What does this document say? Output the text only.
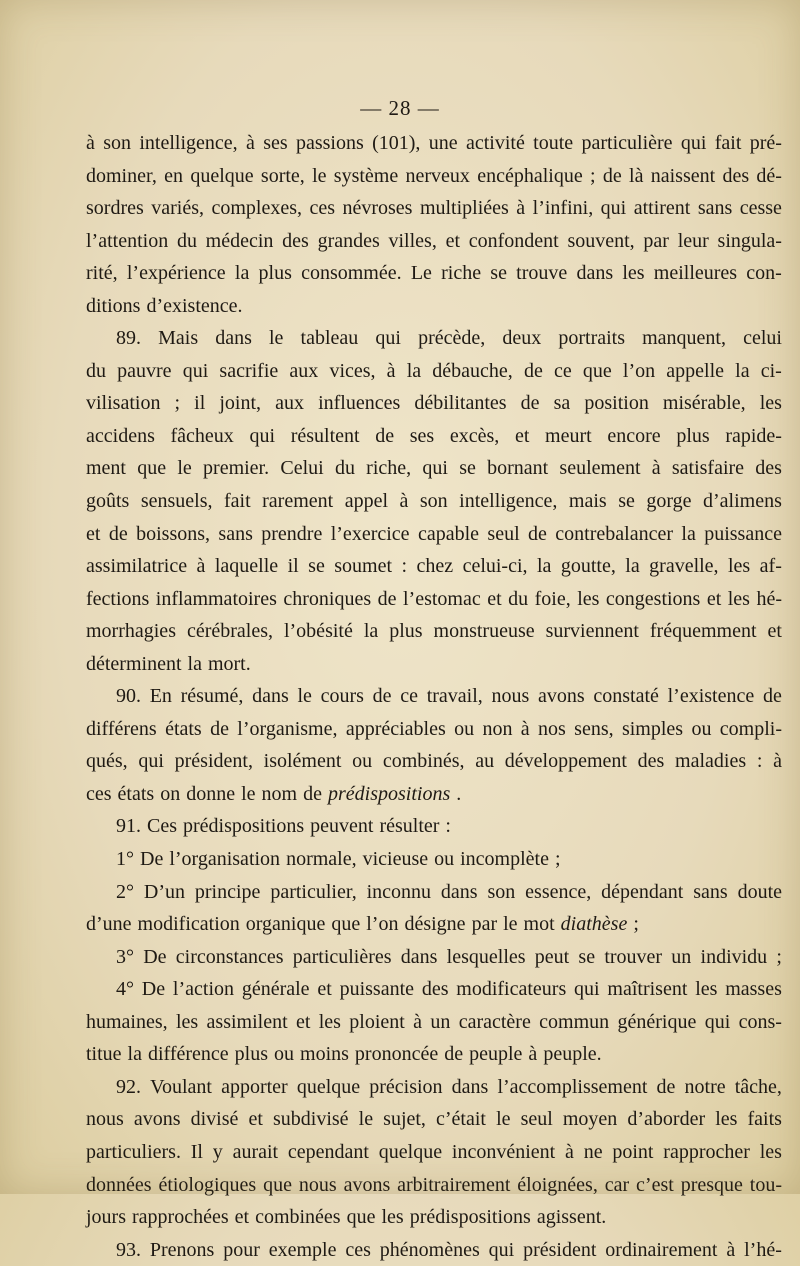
— 28 —
à son intelligence, à ses passions (101), une activité toute particulière qui fait pré-
dominer, en quelque sorte, le système nerveux encéphalique ; de là naissent des dé-
sordres variés, complexes, ces névroses multipliées à l’infini, qui attirent sans cesse
l’attention du médecin des grandes villes, et confondent souvent, par leur singula-
rité, l’expérience la plus consommée. Le riche se trouve dans les meilleures con-
ditions d’existence.
89. Mais dans le tableau qui précède, deux portraits manquent, celui
du pauvre qui sacrifie aux vices, à la débauche, de ce que l’on appelle la ci-
vilisation ; il joint, aux influences débilitantes de sa position misérable, les
accidens fâcheux qui résultent de ses excès, et meurt encore plus rapide-
ment que le premier. Celui du riche, qui se bornant seulement à satisfaire des
goûts sensuels, fait rarement appel à son intelligence, mais se gorge d’alimens
et de boissons, sans prendre l’exercice capable seul de contrebalancer la puissance
assimilatrice à laquelle il se soumet : chez celui-ci, la goutte, la gravelle, les af-
fections inflammatoires chroniques de l’estomac et du foie, les congestions et les hé-
morrhagies cérébrales, l’obésité la plus monstrueuse surviennent fréquemment et
déterminent la mort.
90. En résumé, dans le cours de ce travail, nous avons constaté l’existence de
différens états de l’organisme, appréciables ou non à nos sens, simples ou compli-
qués, qui président, isolément ou combinés, au développement des maladies : à
ces états on donne le nom de prédispositions .
91. Ces prédispositions peuvent résulter :
1° De l’organisation normale, vicieuse ou incomplète ;
2° D’un principe particulier, inconnu dans son essence, dépendant sans doute
d’une modification organique que l’on désigne par le mot diathèse ;
3° De circonstances particulières dans lesquelles peut se trouver un individu ;
4° De l’action générale et puissante des modificateurs qui maîtrisent les masses
humaines, les assimilent et les ploient à un caractère commun générique qui cons-
titue la différence plus ou moins prononcée de peuple à peuple.
92. Voulant apporter quelque précision dans l’accomplissement de notre tâche,
nous avons divisé et subdivisé le sujet, c’était le seul moyen d’aborder les faits
particuliers. Il y aurait cependant quelque inconvénient à ne point rapprocher les
données étiologiques que nous avons arbitrairement éloignées, car c’est presque tou-
jours rapprochées et combinées que les prédispositions agissent.
93. Prenons pour exemple ces phénomènes qui président ordinairement à l’hé-
